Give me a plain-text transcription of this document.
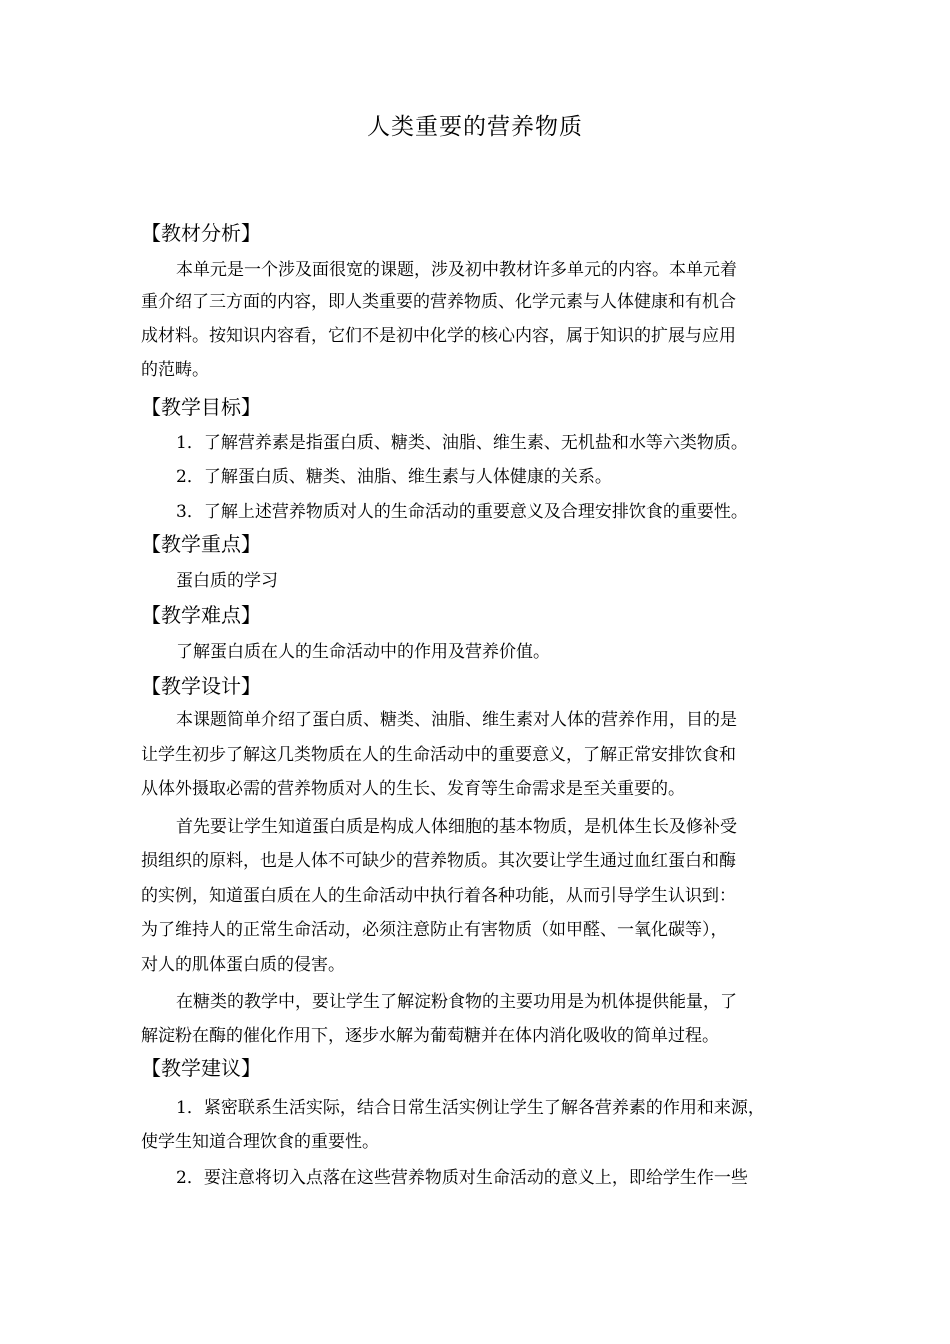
人类重要的营养物质
【教材分析】
本单元是一个涉及面很宽的课题，涉及初中教材许多单元的内容。本单元着
重介绍了三方面的内容，即人类重要的营养物质、化学元素与人体健康和有机合
成材料。按知识内容看，它们不是初中化学的核心内容，属于知识的扩展与应用
的范畴。
【教学目标】
1．了解营养素是指蛋白质、糖类、油脂、维生素、无机盐和水等六类物质。
2．了解蛋白质、糖类、油脂、维生素与人体健康的关系。
3．了解上述营养物质对人的生命活动的重要意义及合理安排饮食的重要性。
【教学重点】
蛋白质的学习
【教学难点】
了解蛋白质在人的生命活动中的作用及营养价值。
【教学设计】
本课题简单介绍了蛋白质、糖类、油脂、维生素对人体的营养作用，目的是
让学生初步了解这几类物质在人的生命活动中的重要意义，了解正常安排饮食和
从体外摄取必需的营养物质对人的生长、发育等生命需求是至关重要的。
首先要让学生知道蛋白质是构成人体细胞的基本物质，是机体生长及修补受
损组织的原料，也是人体不可缺少的营养物质。其次要让学生通过血红蛋白和酶
的实例，知道蛋白质在人的生命活动中执行着各种功能，从而引导学生认识到：
为了维持人的正常生命活动，必须注意防止有害物质（如甲醛、一氧化碳等），
对人的肌体蛋白质的侵害。
在糖类的教学中，要让学生了解淀粉食物的主要功用是为机体提供能量，了
解淀粉在酶的催化作用下，逐步水解为葡萄糖并在体内消化吸收的简单过程。
【教学建议】
1．紧密联系生活实际，结合日常生活实例让学生了解各营养素的作用和来源，
使学生知道合理饮食的重要性。
2．要注意将切入点落在这些营养物质对生命活动的意义上，即给学生作一些
